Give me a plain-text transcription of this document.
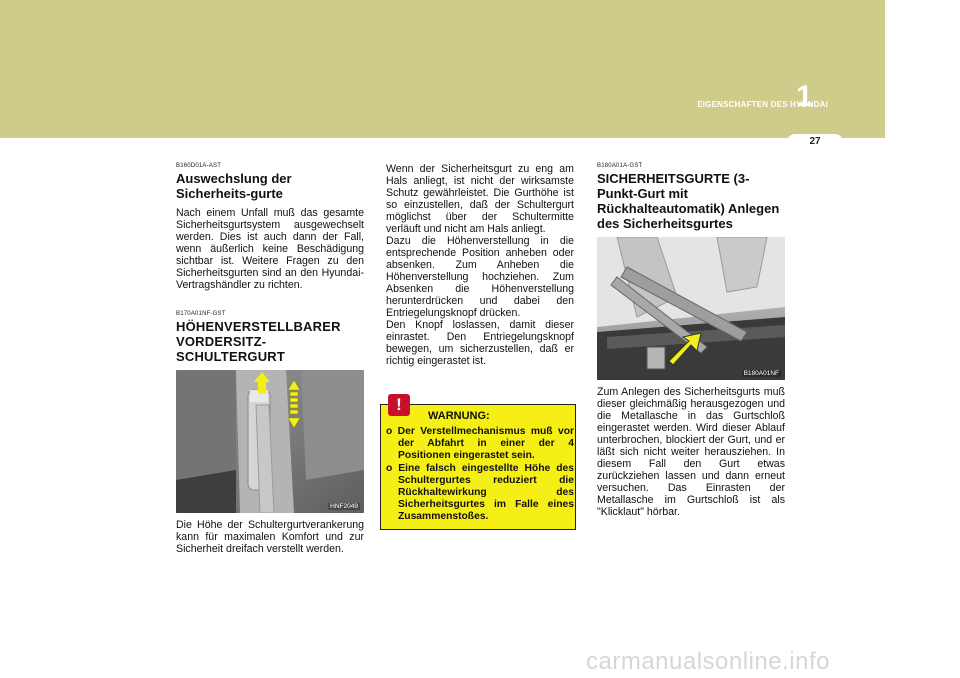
EIGENSCHAFTEN DES HYUNDAI
1
27
B160D01A-AST
Auswechslung der Sicherheits-gurte

Nach einem Unfall muß das gesamte Sicherheitsgurtsystem ausgewechselt werden. Dies ist auch dann der Fall, wenn äußerlich keine Beschädigung sichtbar ist. Weitere Fragen zu den Sicherheitsgurten sind an den Hyundai-Vertragshändler zu richten.

B170A01NF-GST
HÖHENVERSTELLBARER VORDERSITZ-SCHULTERGURT
HNF2049

Die Höhe der Schultergurtverankerung kann für maximalen Komfort und zur Sicherheit dreifach verstellt werden.

Wenn der Sicherheitsgurt zu eng am Hals anliegt, ist nicht der wirksamste Schutz gewährleistet. Die Gurthöhe ist so einzustellen, daß der Schultergurt möglichst über der Schultermitte verläuft und nicht am Hals anliegt.

Dazu die Höhenverstellung in die entsprechende Position anheben oder absenken. Zum Anheben die Höhenverstellung hochziehen. Zum Absenken die Höhenverstellung herunterdrücken und dabei den Entriegelungsknopf drücken.

Den Knopf loslassen, damit dieser einrastet. Den Entriegelungsknopf bewegen, um sicherzustellen, daß er richtig eingerastet ist.

!
WARNUNG:
o Der Verstellmechanismus muß vor der Abfahrt in einer der 4 Positionen eingerastet sein.
o Eine falsch eingestellte Höhe des Schultergurtes reduziert die Rückhaltewirkung des Sicherheitsgurtes im Falle eines Zusammenstoßes.
B180A01A-GST
SICHERHEITSGURTE (3-Punkt-Gurt mit Rückhalteautomatik) Anlegen des Sicherheitsgurtes
B180A01NF

Zum Anlegen des Sicherheitsgurts muß dieser gleichmäßig herausgezogen und die Metallasche in das Gurtschloß eingerastet werden. Wird dieser Ablauf unterbrochen, blockiert der Gurt, und er läßt sich nicht weiter herausziehen. In diesem Fall den Gurt etwas zurückziehen lassen und dann erneut versuchen. Das Einrasten der Metallasche im Gurtschloß ist als "Klicklaut" hörbar.

carmanualsonline.info
